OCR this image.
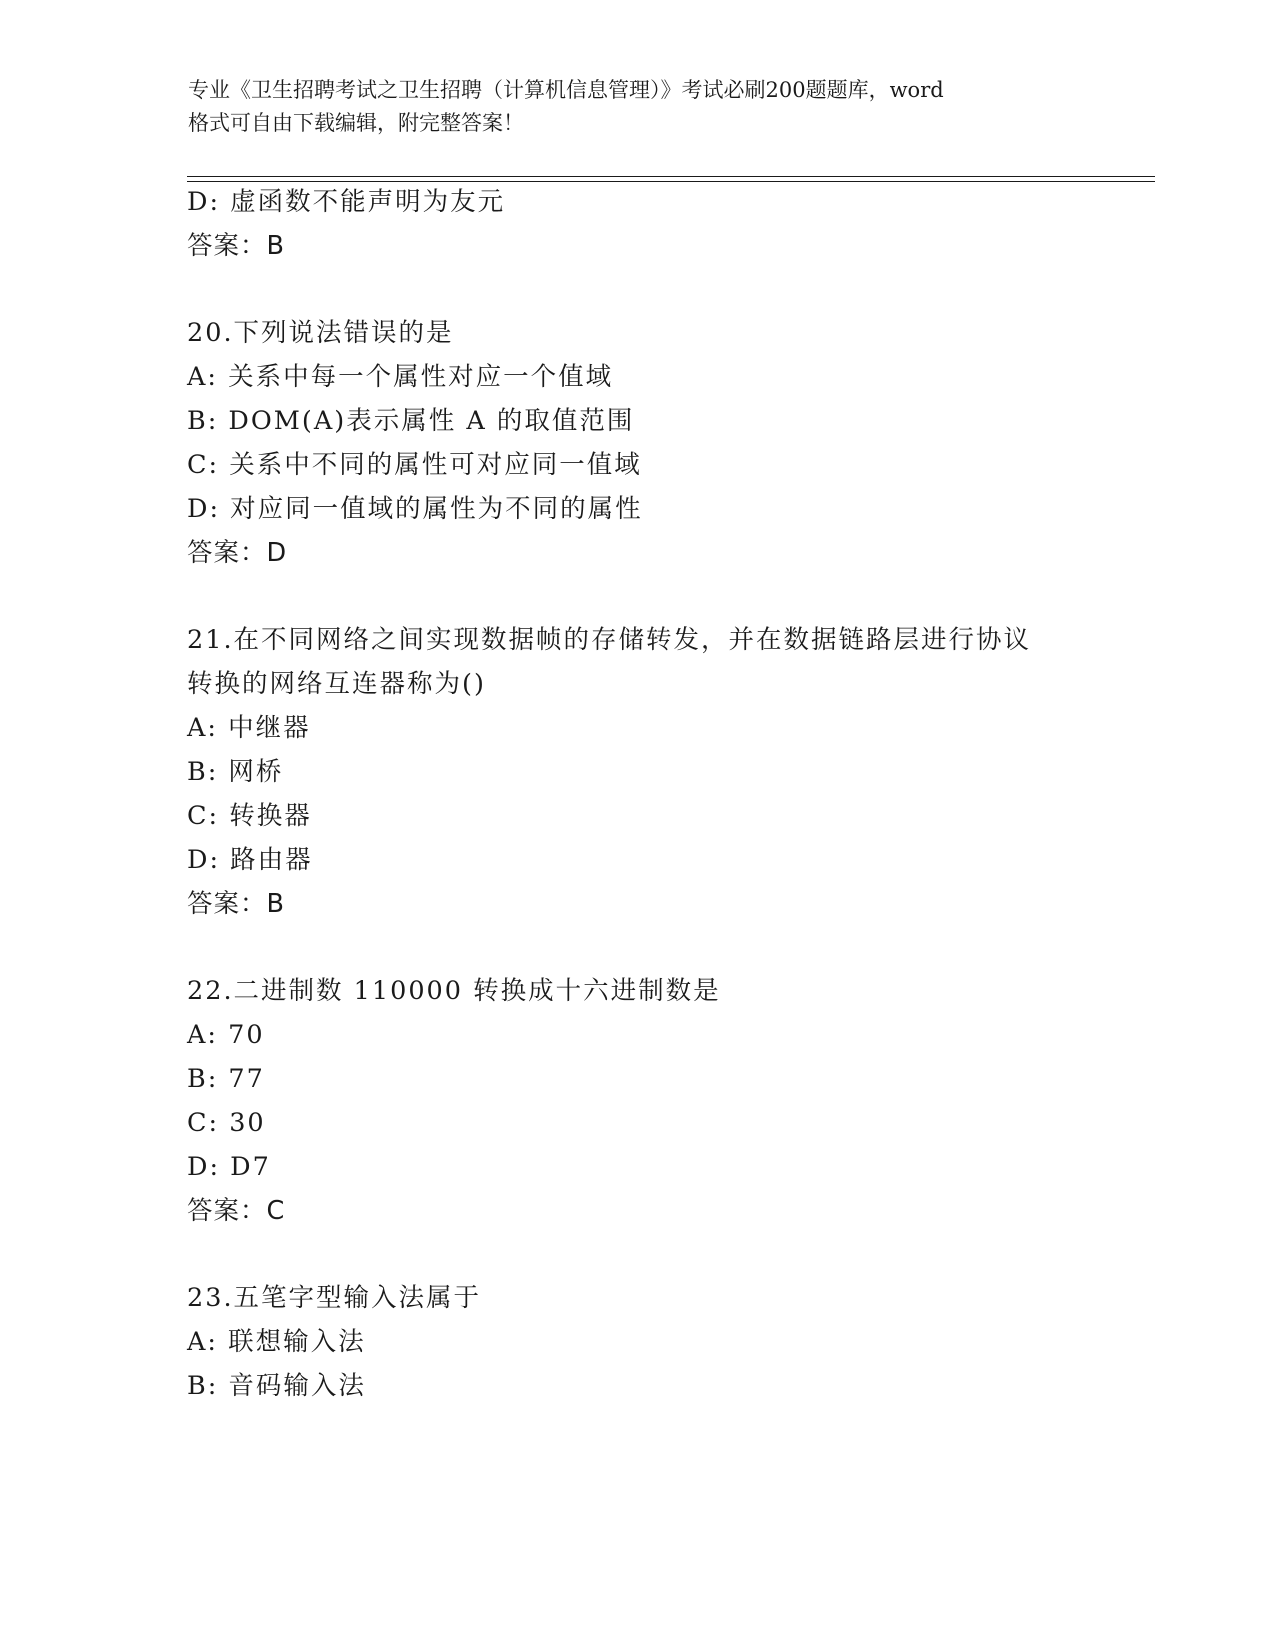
专业《卫生招聘考试之卫生招聘（计算机信息管理）》考试必刷200题题库，word
格式可自由下载编辑，附完整答案！
D: 虚函数不能声明为友元
答案：B
20.下列说法错误的是
A: 关系中每一个属性对应一个值域
B: DOM(A)表示属性 A 的取值范围
C: 关系中不同的属性可对应同一值域
D: 对应同一值域的属性为不同的属性
答案：D
21.在不同网络之间实现数据帧的存储转发，并在数据链路层进行协议
转换的网络互连器称为()
A: 中继器
B: 网桥
C: 转换器
D: 路由器
答案：B
22.二进制数 110000 转换成十六进制数是
A: 70
B: 77
C: 30
D: D7
答案：C
23.五笔字型输入法属于
A: 联想输入法
B: 音码输入法
